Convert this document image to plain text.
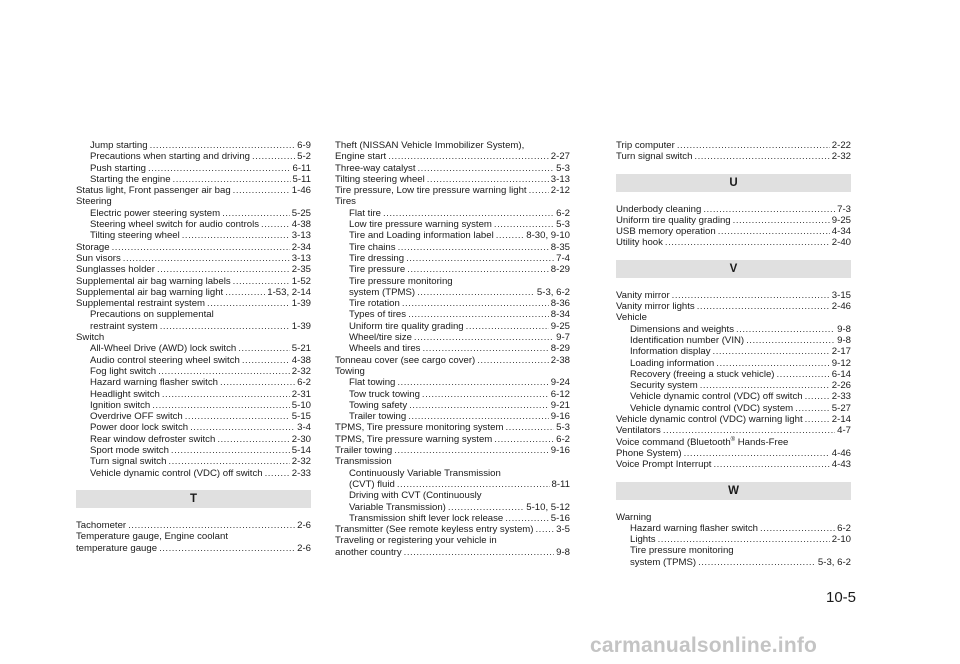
Jump starting .....	6-9
Precautions when starting and driving .....	5-2
Push starting .....	6-11
Starting the engine .....	5-11
Status light, Front passenger air bag .....	1-46
Steering
Electric power steering system .....	5-25
Steering wheel switch for audio controls .....	4-38
Tilting steering wheel .....	3-13
Storage .....	2-34
Sun visors .....	3-13
Sunglasses holder .....	2-35
Supplemental air bag warning labels .....	1-52
Supplemental air bag warning light .....	1-53, 2-14
Supplemental restraint system .....	1-39
Precautions on supplemental
restraint system .....	1-39
Switch
All-Wheel Drive (AWD) lock switch .....	5-21
Audio control steering wheel switch .....	4-38
Fog light switch .....	2-32
Hazard warning flasher switch .....	6-2
Headlight switch .....	2-31
Ignition switch .....	5-10
Overdrive OFF switch .....	5-15
Power door lock switch .....	3-4
Rear window defroster switch .....	2-30
Sport mode switch .....	5-14
Turn signal switch .....	2-32
Vehicle dynamic control (VDC) off switch .....	2-33
T
Tachometer .....	2-6
Temperature gauge, Engine coolant
temperature gauge .....	2-6
Theft (NISSAN Vehicle Immobilizer System),
Engine start .....	2-27
Three-way catalyst .....	5-3
Tilting steering wheel .....	3-13
Tire pressure, Low tire pressure warning light .....	2-12
Tires
Flat tire .....	6-2
Low tire pressure warning system .....	5-3
Tire and Loading information label .....	8-30, 9-10
Tire chains .....	8-35
Tire dressing .....	7-4
Tire pressure .....	8-29
Tire pressure monitoring
system (TPMS) .....	5-3, 6-2
Tire rotation .....	8-36
Types of tires .....	8-34
Uniform tire quality grading .....	9-25
Wheel/tire size .....	9-7
Wheels and tires .....	8-29
Tonneau cover (see cargo cover) .....	2-38
Towing
Flat towing .....	9-24
Tow truck towing .....	6-12
Towing safety .....	9-21
Trailer towing .....	9-16
TPMS, Tire pressure monitoring system .....	5-3
TPMS, Tire pressure warning system .....	6-2
Trailer towing .....	9-16
Transmission
Continuously Variable Transmission
(CVT) fluid .....	8-11
Driving with CVT (Continuously
Variable Transmission) .....	5-10, 5-12
Transmission shift lever lock release .....	5-16
Transmitter (See remote keyless entry system) ..... 3-5
Traveling or registering your vehicle in
another country .....	9-8
Trip computer .....	2-22
Turn signal switch .....	2-32
U
Underbody cleaning .....	7-3
Uniform tire quality grading .....	9-25
USB memory operation .....	4-34
Utility hook .....	2-40
V
Vanity mirror .....	3-15
Vanity mirror lights .....	2-46
Vehicle
Dimensions and weights .....	9-8
Identification number (VIN) .....	9-8
Information display .....	2-17
Loading information .....	9-12
Recovery (freeing a stuck vehicle) .....	6-14
Security system .....	2-26
Vehicle dynamic control (VDC) off switch .....	2-33
Vehicle dynamic control (VDC) system .....	5-27
Vehicle dynamic control (VDC) warning light .....	2-14
Ventilators .....	4-7
Voice command (Bluetooth® Hands-Free
Phone System) .....	4-46
Voice Prompt Interrupt .....	4-43
W
Warning
Hazard warning flasher switch .....	6-2
Lights .....	2-10
Tire pressure monitoring
system (TPMS) .....	5-3, 6-2
10-5
carmanualsonline.info
